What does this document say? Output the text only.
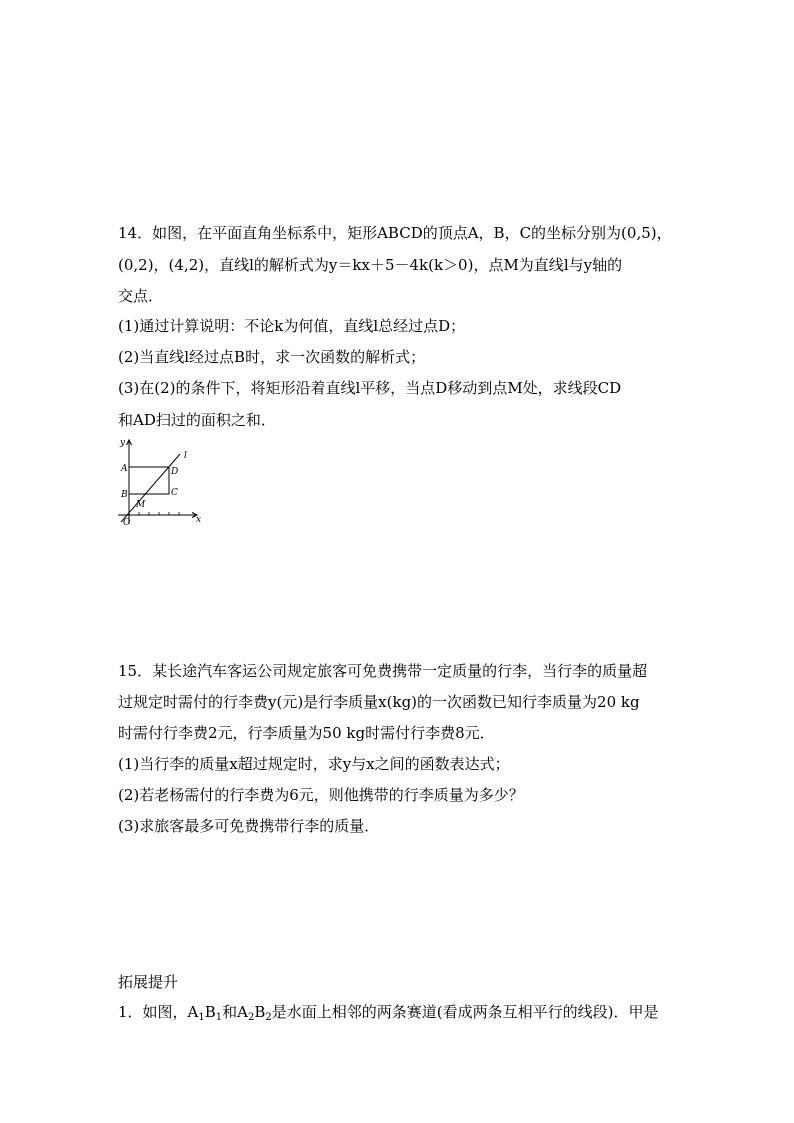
14．如图，在平面直角坐标系中，矩形ABCD的顶点A，B，C的坐标分别为(0,5)，
(0,2)，(4,2)，直线l的解析式为y＝kx＋5－4k(k＞0)，点M为直线l与y轴的
交点．
(1)通过计算说明：不论k为何值，直线l总经过点D；
(2)当直线l经过点B时，求一次函数的解析式；
(3)在(2)的条件下，将矩形沿着直线l平移，当点D移动到点M处，求线段CD
和AD扫过的面积之和．
y
l
A	D
B	C
M
O	x
15．某长途汽车客运公司规定旅客可免费携带一定质量的行李，当行李的质量超
过规定时需付的行李费y(元)是行李质量x(kg)的一次函数已知行李质量为20 kg
时需付行李费2元，行李质量为50 kg时需付行李费8元．
(1)当行李的质量x超过规定时，求y与x之间的函数表达式；
(2)若老杨需付的行李费为6元，则他携带的行李质量为多少？
(3)求旅客最多可免费携带行李的质量．
拓展提升
1．如图，$A_1B_1$和$A_2B_2$是水面上相邻的两条赛道(看成两条互相平行的线段)．甲是
